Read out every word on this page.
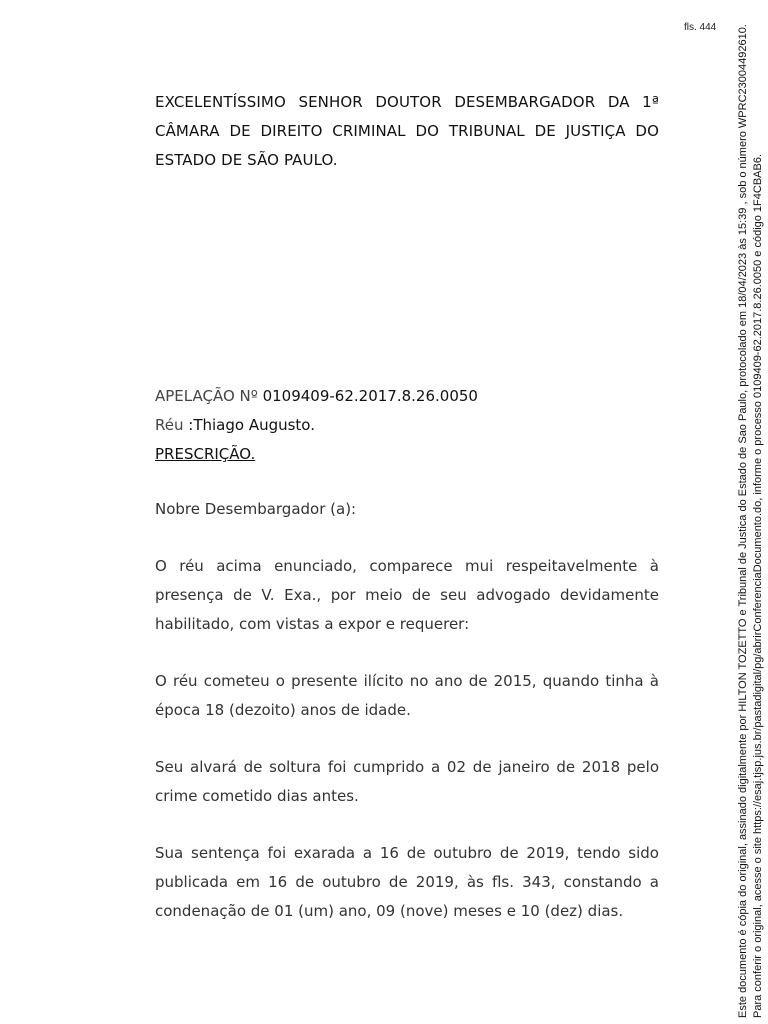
fls. 444 Este documento é cópia do original, assinado digitalmente por HILTON TOZETTO e Tribunal de Justica do Estado de Sao Paulo, protocolado em 18/04/2023 às 15:39 , sob o número WPRC23004492610. Para conferir o original, acesse o site https://esaj.tjsp.jus.br/pastadigital/pg/abrirConferenciaDocumento.do, informe o processo 0109409-62.2017.8.26.0050 e código 1F4CBAB6.
EXCELENTÍSSIMO SENHOR DOUTOR DESEMBARGADOR DA 1ª CÂMARA DE DIREITO CRIMINAL DO TRIBUNAL DE JUSTIÇA DO ESTADO DE SÃO PAULO.
APELAÇÃO Nº 0109409-62.2017.8.26.0050
Réu :Thiago Augusto.
PRESCRIÇÃO.
Nobre Desembargador (a):
O réu acima enunciado, comparece mui respeitavelmente à presença de V. Exa., por meio de seu advogado devidamente habilitado, com vistas a expor e requerer:
O réu cometeu o presente ilícito no ano de 2015, quando tinha à época 18 (dezoito) anos de idade.
Seu alvará de soltura foi cumprido a 02 de janeiro de 2018 pelo crime cometido dias antes.
Sua sentença foi exarada a 16 de outubro de 2019, tendo sido publicada em 16 de outubro de 2019, às fls. 343, constando a condenação de 01 (um) ano, 09 (nove) meses e 10 (dez) dias.
